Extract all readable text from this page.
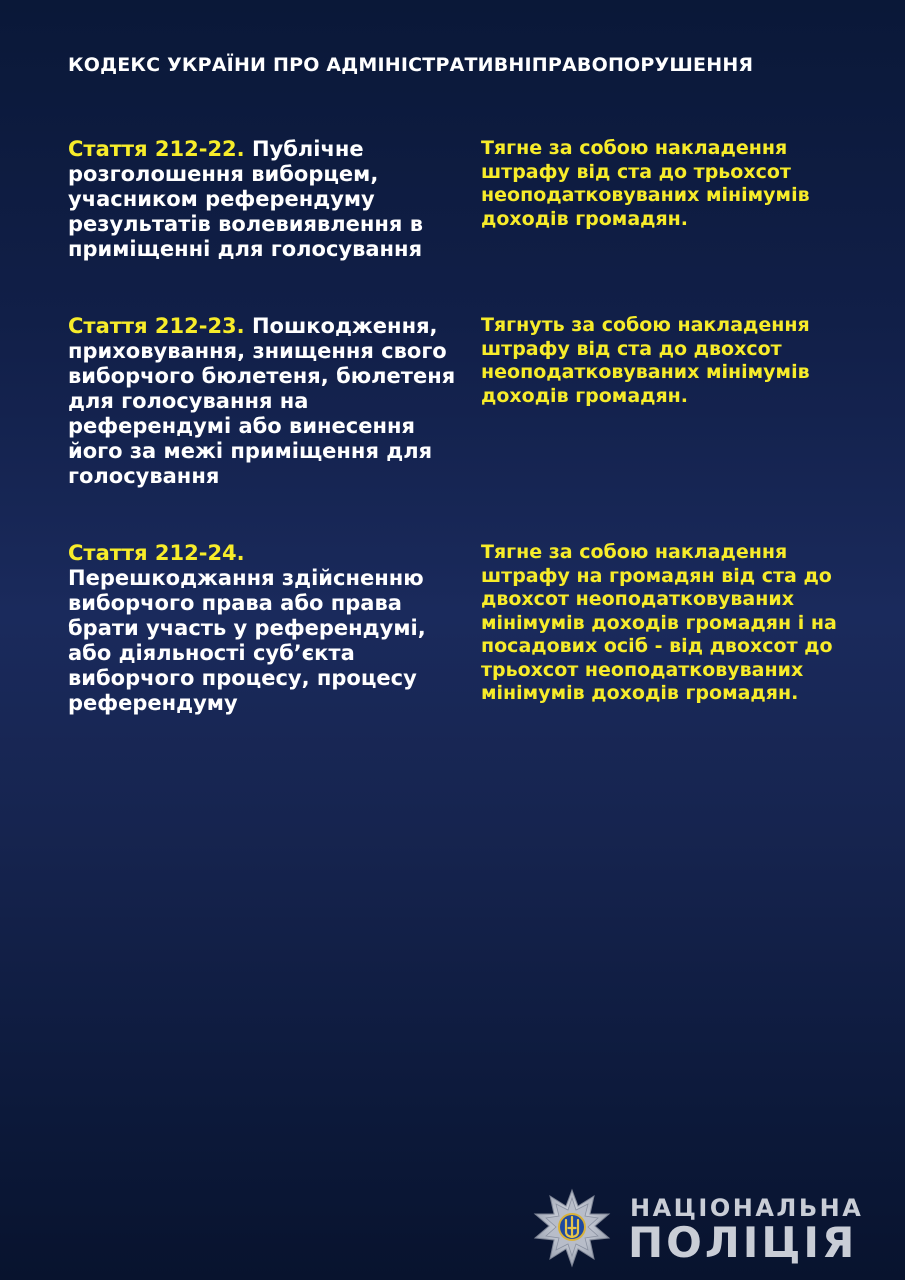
КОДЕКС УКРАЇНИ ПРО АДМІНІСТРАТИВНІПРАВОПОРУШЕННЯ
Стаття 212-22. Публічне розголошення виборцем, учасником референдуму результатів волевиявлення в приміщенні для голосування
Тягне за собою накладення штрафу від ста до трьохсот неоподатковуваних мінімумів доходів громадян.
Стаття 212-23. Пошкодження, приховування, знищення свого виборчого бюлетеня, бюлетеня для голосування на референдумі або винесення його за межі приміщення для голосування
Тягнуть за собою накладення штрафу від ста до двохсот неоподатковуваних мінімумів доходів громадян.
Стаття 212-24.
Перешкоджання здійсненню виборчого права або права брати участь у референдумі, або діяльності суб’єкта виборчого процесу, процесу референдуму
Тягне за собою накладення штрафу на громадян від ста до двохсот неоподатковуваних мінімумів доходів громадян і на посадових осіб - від двохсот до трьохсот неоподатковуваних мінімумів доходів громадян.
НАЦІОНАЛЬНА
ПОЛІЦІЯ
